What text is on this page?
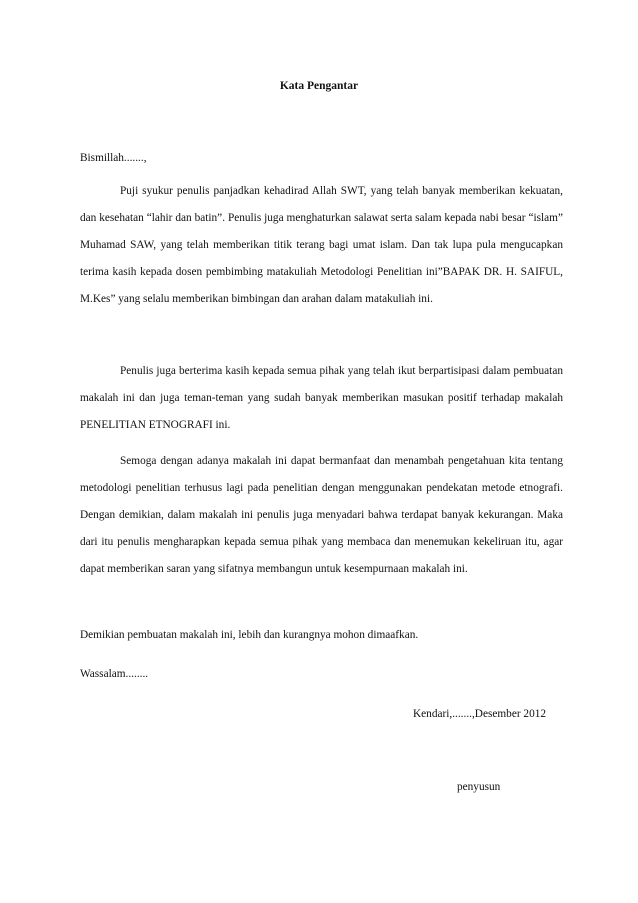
Kata Pengantar
Bismillah.......,

Puji syukur penulis panjadkan kehadirad Allah SWT, yang telah banyak memberikan kekuatan, dan kesehatan “lahir dan batin”. Penulis juga menghaturkan salawat serta salam kepada nabi besar “islam” Muhamad SAW, yang telah memberikan titik terang bagi umat islam. Dan tak lupa pula mengucapkan terima kasih kepada dosen pembimbing matakuliah Metodologi Penelitian ini”BAPAK DR. H. SAIFUL, M.Kes” yang selalu memberikan bimbingan dan arahan dalam matakuliah ini.

Penulis juga berterima kasih kepada semua pihak yang telah ikut berpartisipasi dalam pembuatan makalah ini dan juga teman-teman yang sudah banyak memberikan masukan positif terhadap makalah PENELITIAN ETNOGRAFI ini.

Semoga dengan adanya makalah ini dapat bermanfaat dan menambah pengetahuan kita tentang metodologi penelitian terhusus lagi pada penelitian dengan menggunakan pendekatan metode etnografi. Dengan demikian, dalam makalah ini penulis juga menyadari bahwa terdapat banyak kekurangan. Maka dari itu penulis mengharapkan kepada semua pihak yang membaca dan menemukan kekeliruan itu, agar dapat memberikan saran yang sifatnya membangun untuk kesempurnaan makalah ini.

Demikian pembuatan makalah ini, lebih dan kurangnya mohon dimaafkan.
Wassalam........
Kendari,.......,Desember 2012
penyusun
